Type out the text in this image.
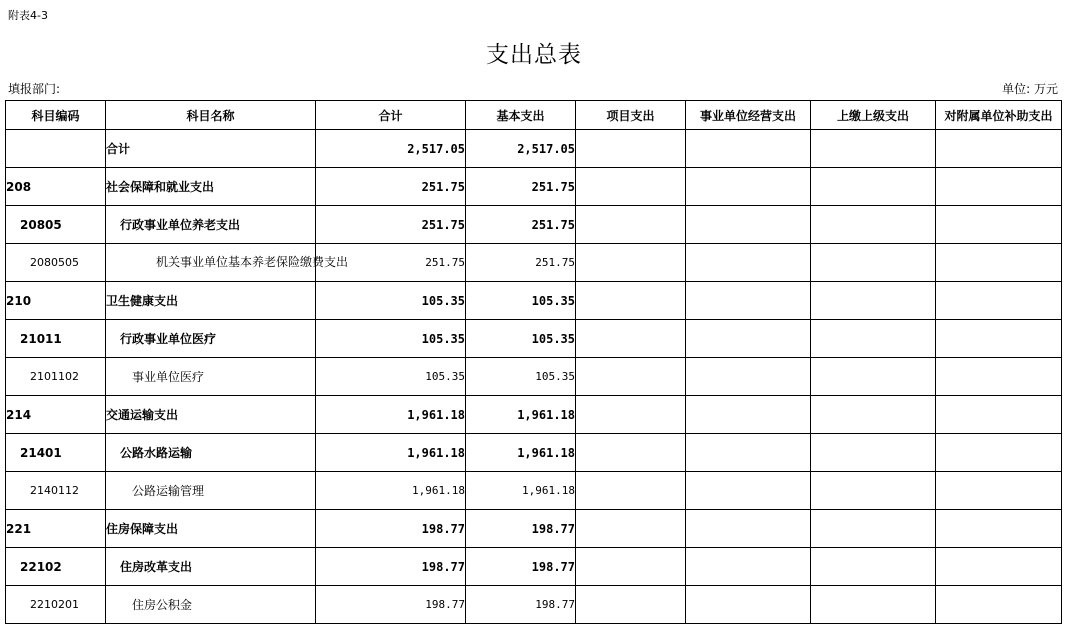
附表4-3
支出总表
填报部门:	单位: 万元
科目编码	科目名称	合计	基本支出	项目支出	事业单位经营支出	上缴上级支出	对附属单位补助支出
	合计	2,517.05	2,517.05				
208	社会保障和就业支出	251.75	251.75				
20805	行政事业单位养老支出	251.75	251.75				
2080505	机关事业单位基本养老保险缴费支出	251.75	251.75				
210	卫生健康支出	105.35	105.35				
21011	行政事业单位医疗	105.35	105.35				
2101102	事业单位医疗	105.35	105.35				
214	交通运输支出	1,961.18	1,961.18				
21401	公路水路运输	1,961.18	1,961.18				
2140112	公路运输管理	1,961.18	1,961.18				
221	住房保障支出	198.77	198.77				
22102	住房改革支出	198.77	198.77				
2210201	住房公积金	198.77	198.77				
